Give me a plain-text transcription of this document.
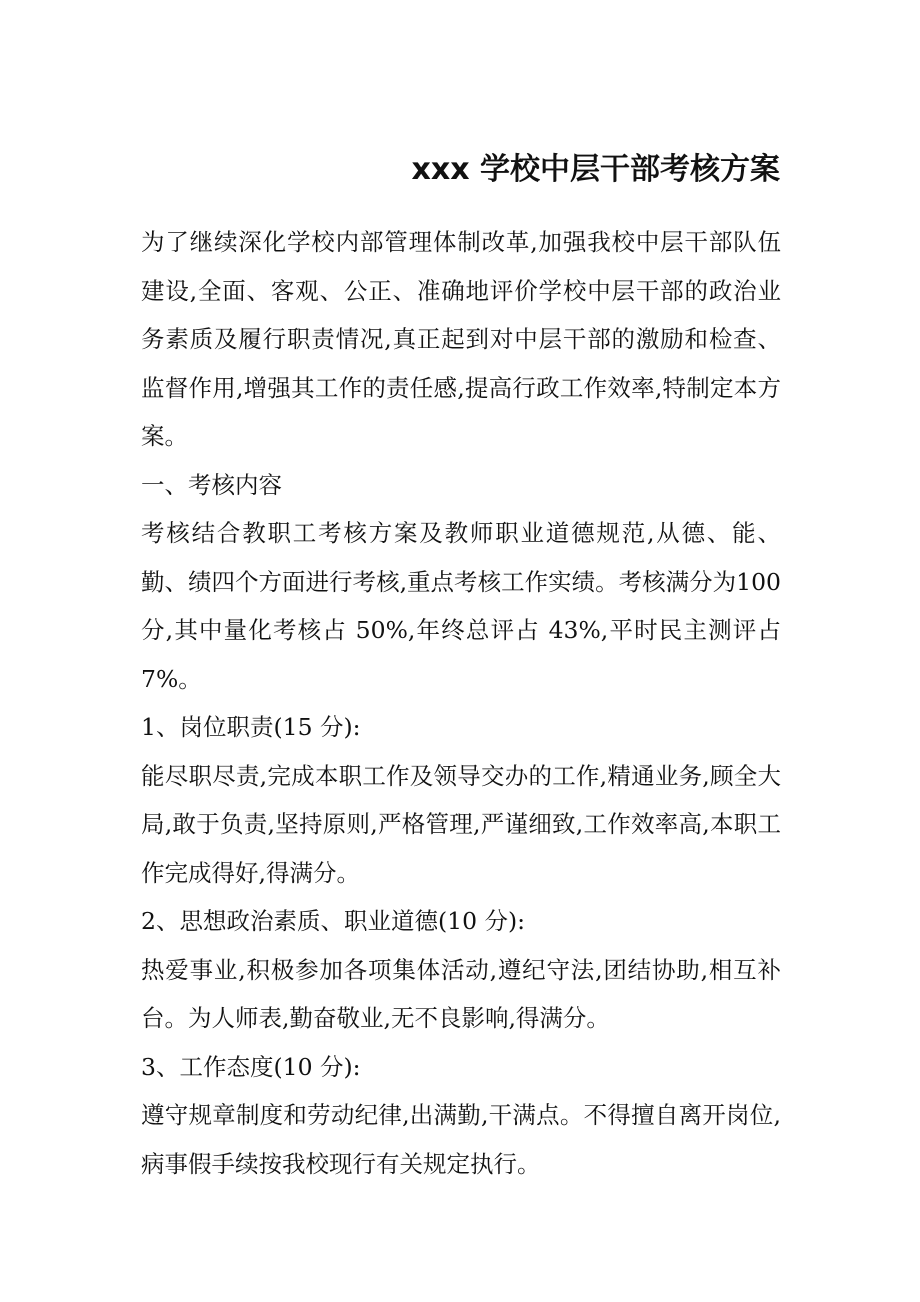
xxx 学校中层干部考核方案

为了继续深化学校内部管理体制改革,加强我校中层干部队伍建设,全面、客观、公正、准确地评价学校中层干部的政治业务素质及履行职责情况,真正起到对中层干部的激励和检查、监督作用,增强其工作的责任感,提高行政工作效率,特制定本方案。

一、考核内容

考核结合教职工考核方案及教师职业道德规范,从德、能、勤、绩四个方面进行考核,重点考核工作实绩。考核满分为100 分,其中量化考核占 50%,年终总评占 43%,平时民主测评占 7%。

1、岗位职责(15 分):

能尽职尽责,完成本职工作及领导交办的工作,精通业务,顾全大局,敢于负责,坚持原则,严格管理,严谨细致,工作效率高,本职工作完成得好,得满分。

2、思想政治素质、职业道德(10 分):

热爱事业,积极参加各项集体活动,遵纪守法,团结协助,相互补台。为人师表,勤奋敬业,无不良影响,得满分。

3、工作态度(10 分):

遵守规章制度和劳动纪律,出满勤,干满点。不得擅自离开岗位,病事假手续按我校现行有关规定执行。
